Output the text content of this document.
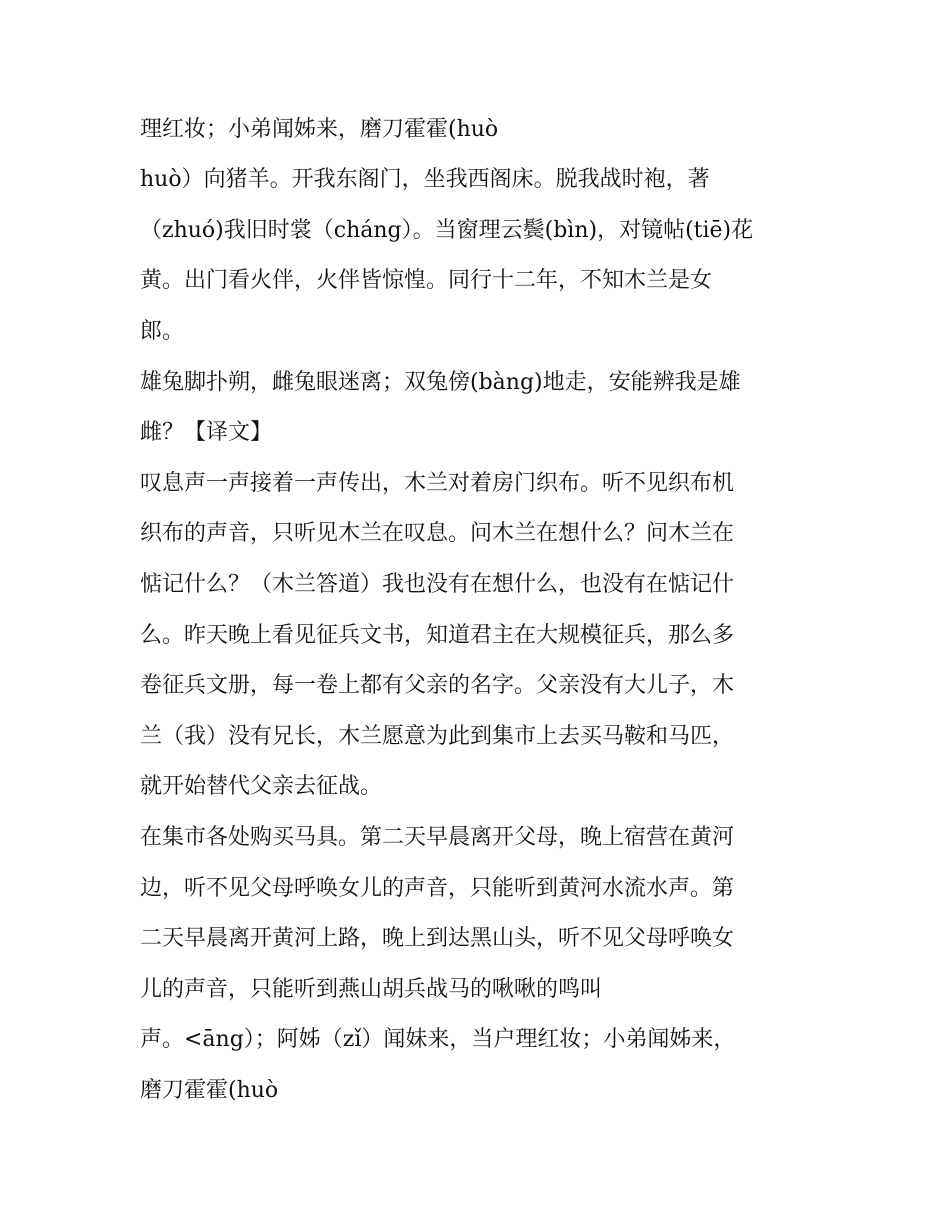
理红妆；小弟闻姊来，磨刀霍霍(huò
huò）向猪羊。开我东阁门，坐我西阁床。脱我战时袍，著
（zhuó)我旧时裳（cháng）。当窗理云鬓(bìn)，对镜帖(tiē)花
黄。出门看火伴，火伴皆惊惶。同行十二年，不知木兰是女
郎。
雄兔脚扑朔，雌兔眼迷离；双兔傍(bàng)地走，安能辨我是雄
雌？【译文】
叹息声一声接着一声传出，木兰对着房门织布。听不见织布机
织布的声音，只听见木兰在叹息。问木兰在想什么？问木兰在
惦记什么？（木兰答道）我也没有在想什么，也没有在惦记什
么。昨天晚上看见征兵文书，知道君主在大规模征兵，那么多
卷征兵文册，每一卷上都有父亲的名字。父亲没有大儿子，木
兰（我）没有兄长，木兰愿意为此到集市上去买马鞍和马匹，
就开始替代父亲去征战。
在集市各处购买马具。第二天早晨离开父母，晚上宿营在黄河
边，听不见父母呼唤女儿的声音，只能听到黄河水流水声。第
二天早晨离开黄河上路，晚上到达黑山头，听不见父母呼唤女
儿的声音，只能听到燕山胡兵战马的啾啾的鸣叫
声。<āng）；阿姊（zǐ）闻妹来，当户理红妆；小弟闻姊来，
磨刀霍霍(huò
